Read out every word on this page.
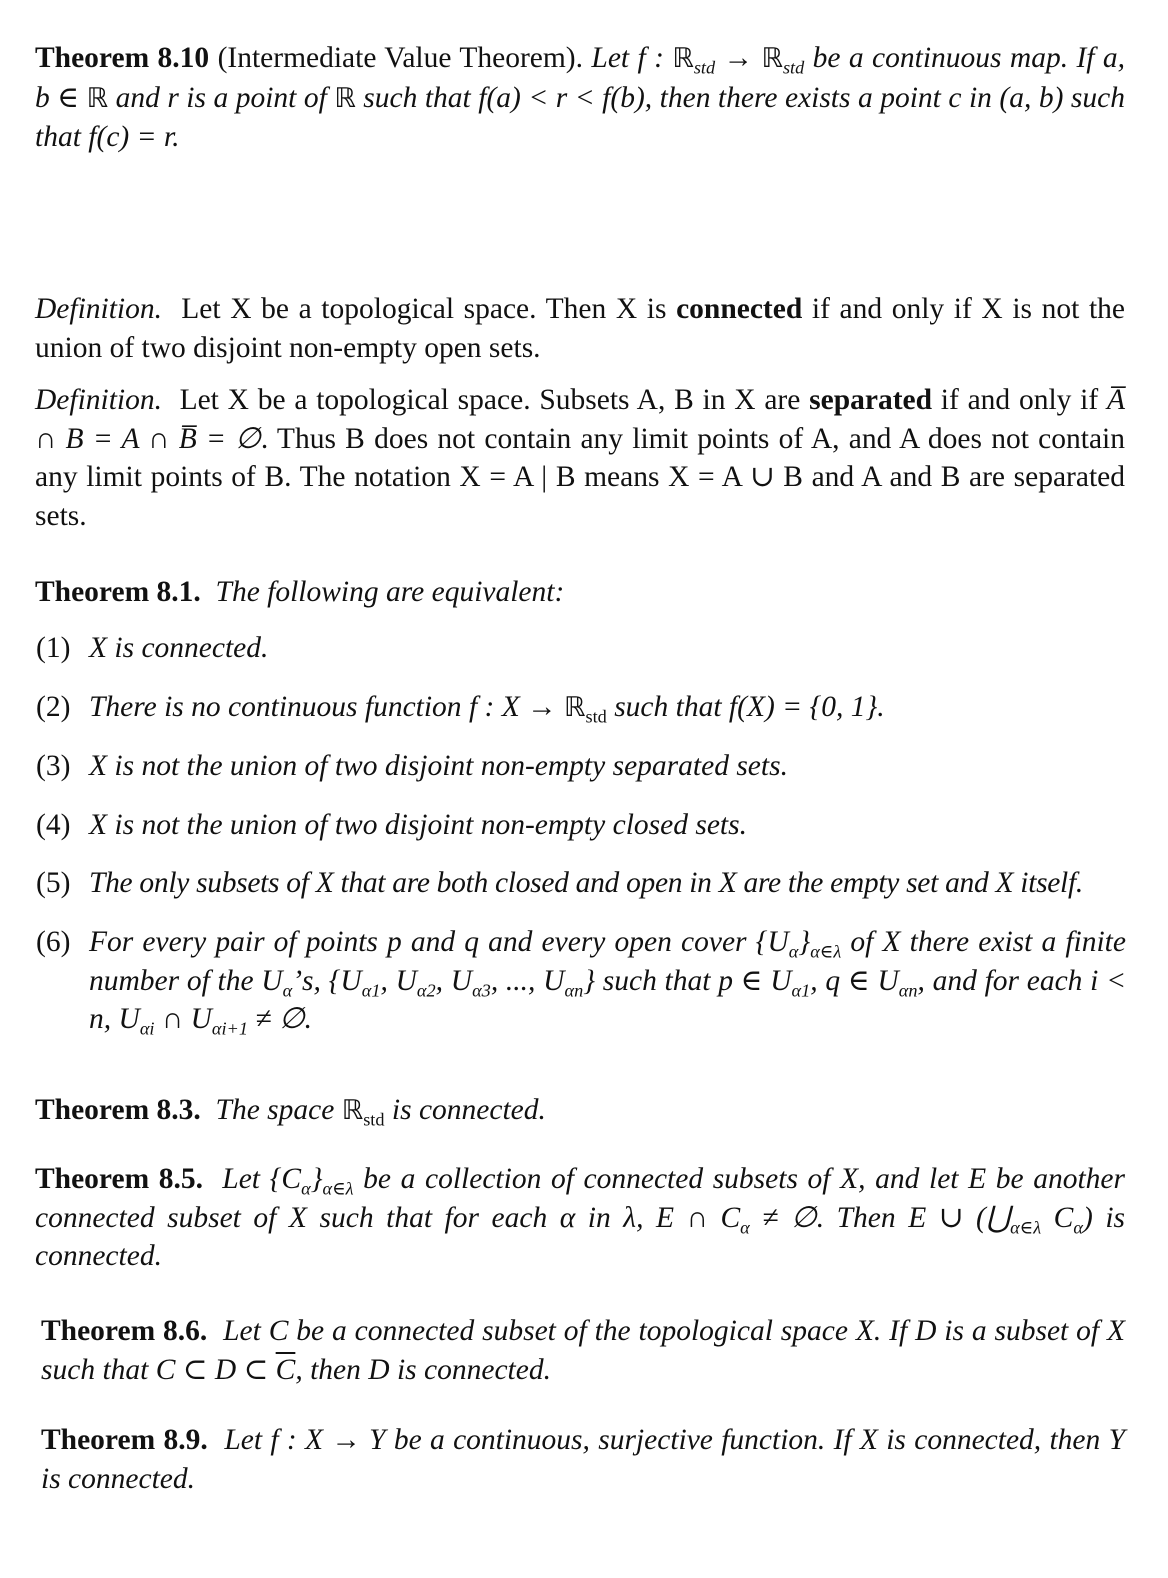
Theorem 8.10 (Intermediate Value Theorem). Let f : ℝ$_{std}$ → ℝ$_{std}$ be a continuous map. If a, b ∈ ℝ and r is a point of ℝ such that f(a) < r < f(b), then there exists a point c in (a, b) such that f(c) = r.

Definition. Let X be a topological space. Then X is connected if and only if X is not the union of two disjoint non-empty open sets.

Definition. Let X be a topological space. Subsets A, B in X are separated if and only if A̅ ∩ B = A ∩ B̅ = ∅. Thus B does not contain any limit points of A, and A does not contain any limit points of B. The notation X = A | B means X = A ∪ B and A and B are separated sets.

Theorem 8.1. The following are equivalent:

(1) X is connected.
(2) There is no continuous function f : X → ℝ$_{std}$ such that f(X) = {0, 1}.
(3) X is not the union of two disjoint non-empty separated sets.
(4) X is not the union of two disjoint non-empty closed sets.
(5) The only subsets of X that are both closed and open in X are the empty set and X itself.
(6) For every pair of points p and q and every open cover $\{U_\alpha\}_{\alpha\in\lambda}$ of X there exist a finite number of the $U_\alpha’s$, {$U_{\alpha 1}$, $U_{\alpha 2}$, $U_{\alpha 3}$, ..., $U_{\alpha n}$} such that p ∈ $U_{\alpha 1}$, q ∈ $U_{\alpha n}$, and for each i < n, $U_{\alpha i}$ ∩ $U_{\alpha i+1}$ ≠ ∅.

Theorem 8.3. The space ℝ$_{std}$ is connected.

Theorem 8.5. Let $\{C_\alpha\}_{\alpha\in\lambda}$ be a collection of connected subsets of X, and let E be another connected subset of X such that for each α in λ, E ∩ $C_\alpha$ ≠ ∅. Then E ∪ ($⋃_{\alpha\in\lambda}$ $C_\alpha$) is connected.

Theorem 8.6. Let C be a connected subset of the topological space X. If D is a subset of X such that C ⊂ D ⊂ $\overline{C}$, then D is connected.

Theorem 8.9. Let f : X → Y be a continuous, surjective function. If X is connected, then Y is connected.
